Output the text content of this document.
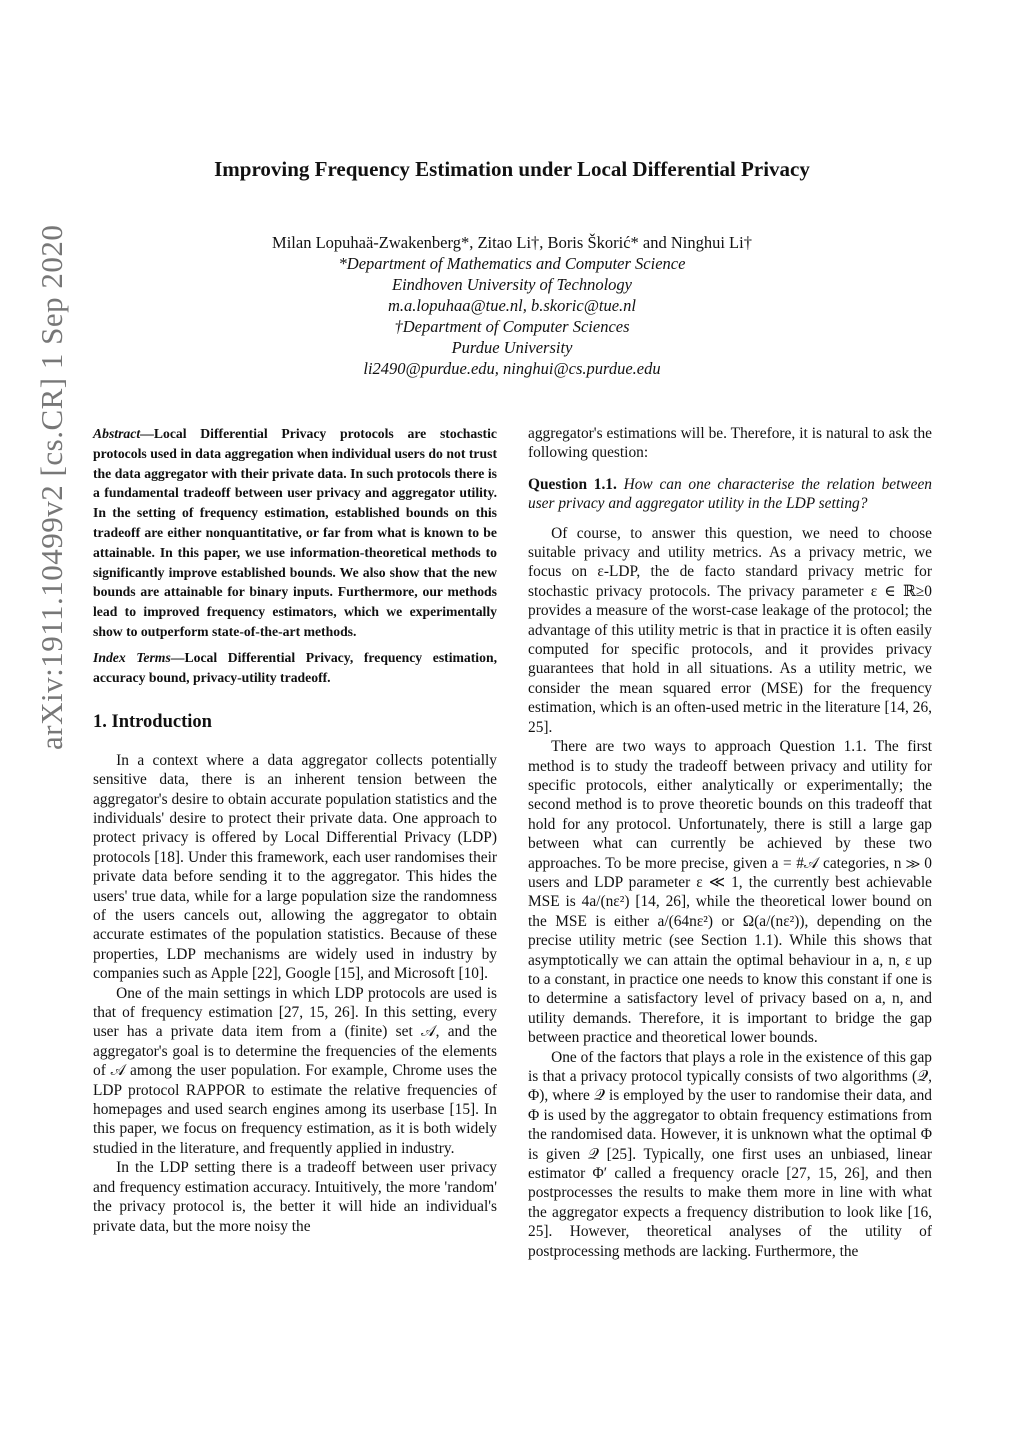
arXiv:1911.10499v2 [cs.CR] 1 Sep 2020
Improving Frequency Estimation under Local Differential Privacy
Milan Lopuhaä-Zwakenberg*, Zitao Li†, Boris Škorić* and Ninghui Li†
*Department of Mathematics and Computer Science
Eindhoven University of Technology
m.a.lopuhaa@tue.nl, b.skoric@tue.nl
†Department of Computer Sciences
Purdue University
li2490@purdue.edu, ninghui@cs.purdue.edu

Abstract—Local Differential Privacy protocols are stochastic protocols used in data aggregation when individual users do not trust the data aggregator with their private data. In such protocols there is a fundamental tradeoff between user privacy and aggregator utility. In the setting of frequency estimation, established bounds on this tradeoff are either nonquantitative, or far from what is known to be attainable. In this paper, we use information-theoretical methods to significantly improve established bounds. We also show that the new bounds are attainable for binary inputs. Furthermore, our methods lead to improved frequency estimators, which we experimentally show to outperform state-of-the-art methods.

Index Terms—Local Differential Privacy, frequency estimation, accuracy bound, privacy-utility tradeoff.

1. Introduction

In a context where a data aggregator collects potentially sensitive data, there is an inherent tension between the aggregator's desire to obtain accurate population statistics and the individuals' desire to protect their private data. One approach to protect privacy is offered by Local Differential Privacy (LDP) protocols [18]. Under this framework, each user randomises their private data before sending it to the aggregator. This hides the users' true data, while for a large population size the randomness of the users cancels out, allowing the aggregator to obtain accurate estimates of the population statistics. Because of these properties, LDP mechanisms are widely used in industry by companies such as Apple [22], Google [15], and Microsoft [10].

One of the main settings in which LDP protocols are used is that of frequency estimation [27, 15, 26]. In this setting, every user has a private data item from a (finite) set 𝒜, and the aggregator's goal is to determine the frequencies of the elements of 𝒜 among the user population. For example, Chrome uses the LDP protocol RAPPOR to estimate the relative frequencies of homepages and used search engines among its userbase [15]. In this paper, we focus on frequency estimation, as it is both widely studied in the literature, and frequently applied in industry.

In the LDP setting there is a tradeoff between user privacy and frequency estimation accuracy. Intuitively, the more 'random' the privacy protocol is, the better it will hide an individual's private data, but the more noisy the

aggregator's estimations will be. Therefore, it is natural to ask the following question:

Question 1.1. How can one characterise the relation between user privacy and aggregator utility in the LDP setting?

Of course, to answer this question, we need to choose suitable privacy and utility metrics. As a privacy metric, we focus on ε-LDP, the de facto standard privacy metric for stochastic privacy protocols. The privacy parameter ε ∈ ℝ≥0 provides a measure of the worst-case leakage of the protocol; the advantage of this utility metric is that in practice it is often easily computed for specific protocols, and it provides privacy guarantees that hold in all situations. As a utility metric, we consider the mean squared error (MSE) for the frequency estimation, which is an often-used metric in the literature [14, 26, 25].

There are two ways to approach Question 1.1. The first method is to study the tradeoff between privacy and utility for specific protocols, either analytically or experimentally; the second method is to prove theoretic bounds on this tradeoff that hold for any protocol. Unfortunately, there is still a large gap between what can currently be achieved by these two approaches. To be more precise, given a = #𝒜 categories, n ≫ 0 users and LDP parameter ε ≪ 1, the currently best achievable MSE is 4a/(nε²) [14, 26], while the theoretical lower bound on the MSE is either a/(64nε²) or Ω(a/(nε²)), depending on the precise utility metric (see Section 1.1). While this shows that asymptotically we can attain the optimal behaviour in a, n, ε up to a constant, in practice one needs to know this constant if one is to determine a satisfactory level of privacy based on a, n, and utility demands. Therefore, it is important to bridge the gap between practice and theoretical lower bounds.

One of the factors that plays a role in the existence of this gap is that a privacy protocol typically consists of two algorithms (𝒬, Φ), where 𝒬 is employed by the user to randomise their data, and Φ is used by the aggregator to obtain frequency estimations from the randomised data. However, it is unknown what the optimal Φ is given 𝒬 [25]. Typically, one first uses an unbiased, linear estimator Φ′ called a frequency oracle [27, 15, 26], and then postprocesses the results to make them more in line with what the aggregator expects a frequency distribution to look like [16, 25]. However, theoretical analyses of the utility of postprocessing methods are lacking. Furthermore, the
